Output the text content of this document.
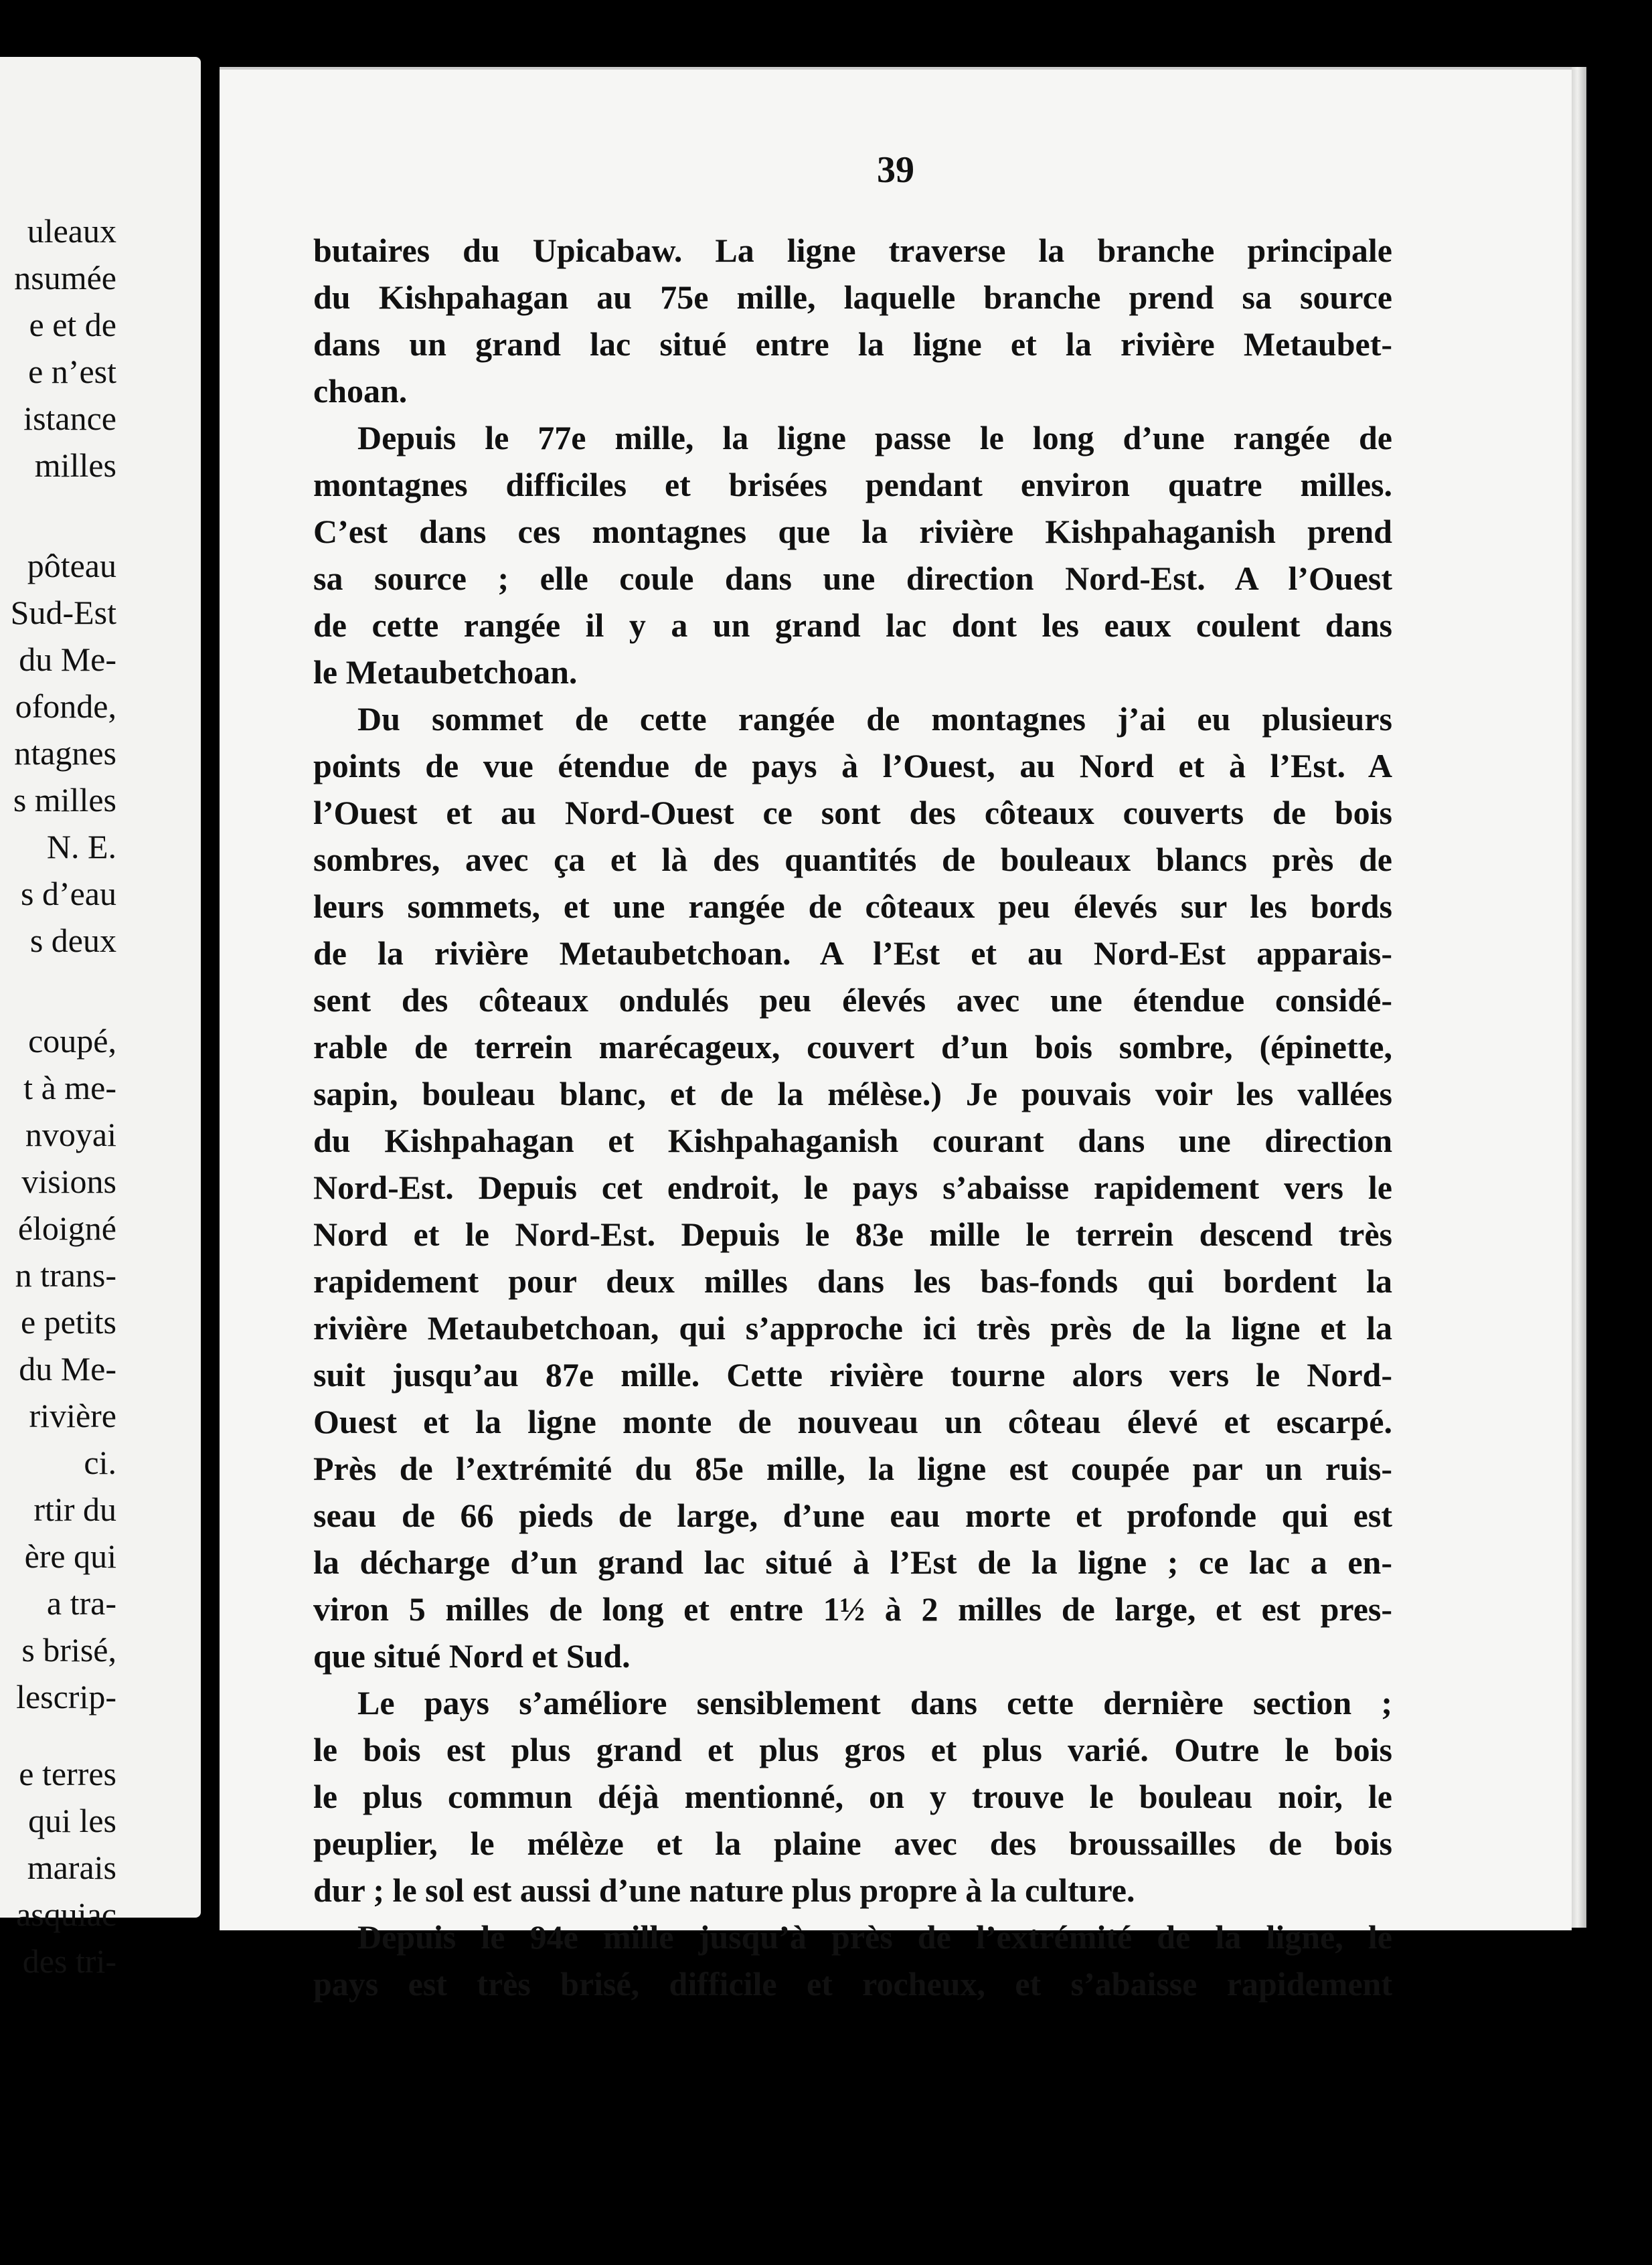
uleaux
nsumée
e et de
e n’est
istance
milles
pôteau
Sud-Est
du Me-
ofonde,
ntagnes
s milles
N. E.
s d’eau
s deux
coupé,
t à me-
nvoyai
visions
éloigné
n trans-
e petits
du Me-
rivière
ci.
rtir du
ère qui
a tra-
s brisé,
lescrip-
e terres
qui les
marais
asquiac
des tri-
39
butaires du Upicabaw. La ligne traverse la branche principale
du Kishpahagan au 75e mille, laquelle branche prend sa source
dans un grand lac situé entre la ligne et la rivière Metaubet-
choan.
Depuis le 77e mille, la ligne passe le long d’une rangée de
montagnes difficiles et brisées pendant environ quatre milles.
C’est dans ces montagnes que la rivière Kishpahaganish prend
sa source ; elle coule dans une direction Nord-Est. A l’Ouest
de cette rangée il y a un grand lac dont les eaux coulent dans
le Metaubetchoan.
Du sommet de cette rangée de montagnes j’ai eu plusieurs
points de vue étendue de pays à l’Ouest, au Nord et à l’Est. A
l’Ouest et au Nord-Ouest ce sont des côteaux couverts de bois
sombres, avec ça et là des quantités de bouleaux blancs près de
leurs sommets, et une rangée de côteaux peu élevés sur les bords
de la rivière Metaubetchoan. A l’Est et au Nord-Est apparais-
sent des côteaux ondulés peu élevés avec une étendue considé-
rable de terrein marécageux, couvert d’un bois sombre, (épinette,
sapin, bouleau blanc, et de la mélèse.) Je pouvais voir les vallées
du Kishpahagan et Kishpahaganish courant dans une direction
Nord-Est. Depuis cet endroit, le pays s’abaisse rapidement vers le
Nord et le Nord-Est. Depuis le 83e mille le terrein descend très
rapidement pour deux milles dans les bas-fonds qui bordent la
rivière Metaubetchoan, qui s’approche ici très près de la ligne et la
suit jusqu’au 87e mille. Cette rivière tourne alors vers le Nord-
Ouest et la ligne monte de nouveau un côteau élevé et escarpé.
Près de l’extrémité du 85e mille, la ligne est coupée par un ruis-
seau de 66 pieds de large, d’une eau morte et profonde qui est
la décharge d’un grand lac situé à l’Est de la ligne ; ce lac a en-
viron 5 milles de long et entre 1½ à 2 milles de large, et est pres-
que situé Nord et Sud.
Le pays s’améliore sensiblement dans cette dernière section ;
le bois est plus grand et plus gros et plus varié. Outre le bois
le plus commun déjà mentionné, on y trouve le bouleau noir, le
peuplier, le mélèze et la plaine avec des broussailles de bois
dur ; le sol est aussi d’une nature plus propre à la culture.
Depuis le 94e mille jusqu’à près de l’extrémité de la ligne, le
pays est très brisé, difficile et rocheux, et s’abaisse rapidement
